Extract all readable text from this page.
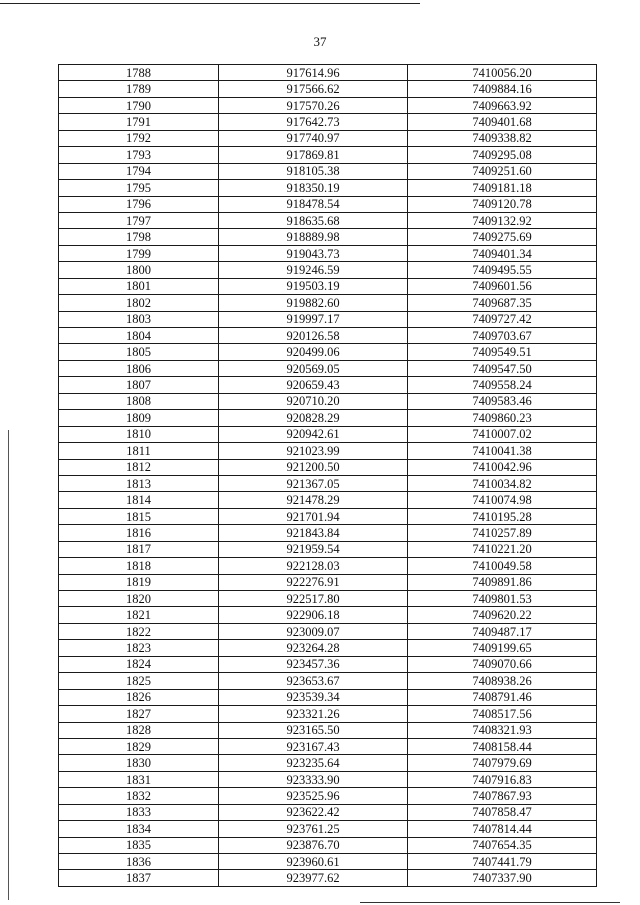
37
1788	917614.96	7410056.20
1789	917566.62	7409884.16
1790	917570.26	7409663.92
1791	917642.73	7409401.68
1792	917740.97	7409338.82
1793	917869.81	7409295.08
1794	918105.38	7409251.60
1795	918350.19	7409181.18
1796	918478.54	7409120.78
1797	918635.68	7409132.92
1798	918889.98	7409275.69
1799	919043.73	7409401.34
1800	919246.59	7409495.55
1801	919503.19	7409601.56
1802	919882.60	7409687.35
1803	919997.17	7409727.42
1804	920126.58	7409703.67
1805	920499.06	7409549.51
1806	920569.05	7409547.50
1807	920659.43	7409558.24
1808	920710.20	7409583.46
1809	920828.29	7409860.23
1810	920942.61	7410007.02
1811	921023.99	7410041.38
1812	921200.50	7410042.96
1813	921367.05	7410034.82
1814	921478.29	7410074.98
1815	921701.94	7410195.28
1816	921843.84	7410257.89
1817	921959.54	7410221.20
1818	922128.03	7410049.58
1819	922276.91	7409891.86
1820	922517.80	7409801.53
1821	922906.18	7409620.22
1822	923009.07	7409487.17
1823	923264.28	7409199.65
1824	923457.36	7409070.66
1825	923653.67	7408938.26
1826	923539.34	7408791.46
1827	923321.26	7408517.56
1828	923165.50	7408321.93
1829	923167.43	7408158.44
1830	923235.64	7407979.69
1831	923333.90	7407916.83
1832	923525.96	7407867.93
1833	923622.42	7407858.47
1834	923761.25	7407814.44
1835	923876.70	7407654.35
1836	923960.61	7407441.79
1837	923977.62	7407337.90
